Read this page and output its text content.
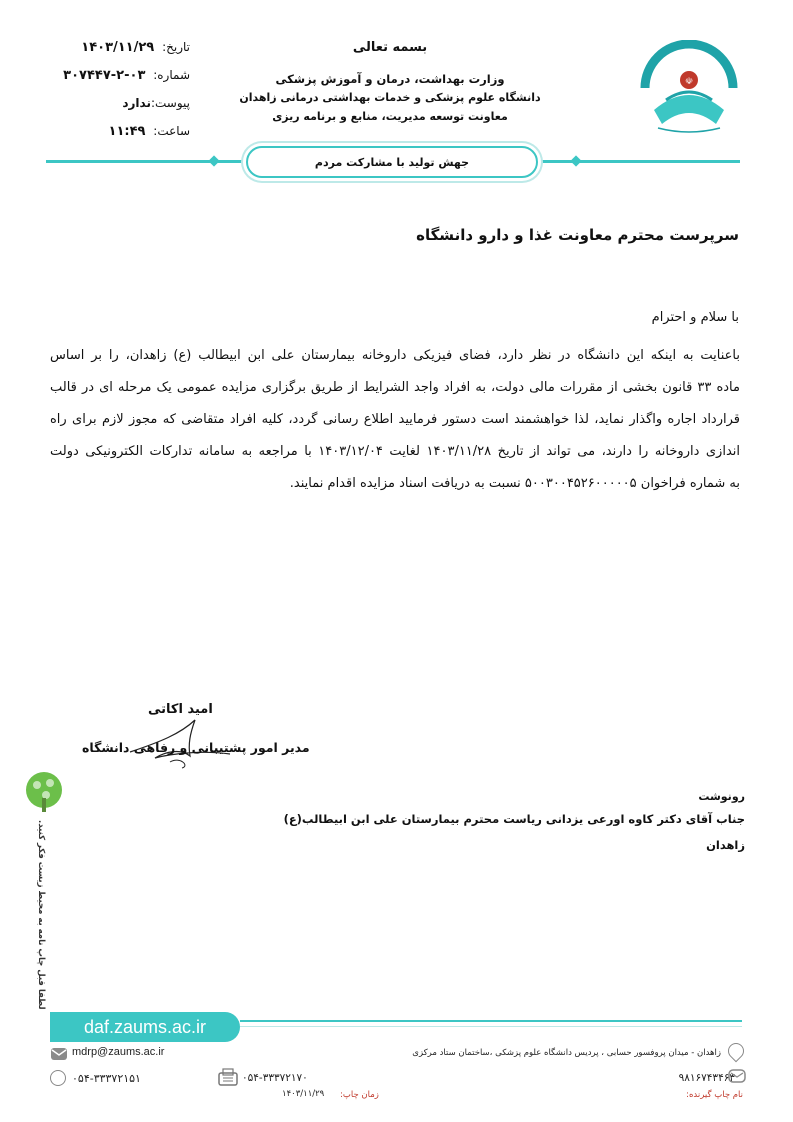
تاریخ: ۱۴۰۳/۱۱/۲۹
شماره: ۰۳-۲-۳۰۷۴۴۷
پیوست:ندارد
ساعت: ۱۱:۴۹
بسمه تعالی
وزارت بهداشت، درمان و آموزش پزشکی
دانشگاه علوم پزشکی و خدمات بهداشتی درمانی زاهدان
معاونت توسعه مدیریت، منابع و برنامه ریزی
☫
جهش تولید با مشارکت مردم
سرپرست محترم معاونت غذا و دارو دانشگاه
با سلام و احترام
باعنایت به اینکه این دانشگاه در نظر دارد، فضای فیزیکی داروخانه بیمارستان علی ابن ابیطالب (ع) زاهدان، را بر اساس
ماده ۳۳ قانون بخشی از مقررات مالی دولت، به افراد واجد الشرایط از طریق برگزاری مزایده عمومی یک مرحله ای در قالب
قرارداد اجاره واگذار نماید، لذا خواهشمند است دستور فرمایید اطلاع رسانی گردد، کلیه افراد متقاضی که مجوز لازم برای راه
اندازی داروخانه را دارند، می تواند از تاریخ ۱۴۰۳/۱۱/۲۸ لغایت ۱۴۰۳/۱۲/۰۴ با مراجعه به سامانه تدارکات الکترونیکی دولت
به شماره فراخوان ۵۰۰۳۰۰۴۵۲۶۰۰۰۰۰۵ نسبت به دریافت اسناد مزایده اقدام نمایند.
امید اکاتی
مدیر امور پشتیبانی و رفاهی دانشگاه
رونوشت
جناب آقای دکتر کاوه اورعی یزدانی ریاست محترم بیمارستان علی ابن ابیطالب(ع)
زاهدان
لطفا قبل چاپ نامه به محیط زیست فکر کنید.
daf.zaums.ac.ir
mdrp@zaums.ac.ir	زاهدان - میدان پروفسور حسابی ، پردیس دانشگاه علوم پزشکی ،ساختمان ستاد مرکزی
۰۵۴-۳۳۳۷۲۱۵۱	۰۵۴-۳۳۳۷۲۱۷۰	۹۸۱۶۷۴۳۴۶۳
زمان چاپ:
۱۴۰۳/۱۱/۲۹	نام چاپ گیرنده:
